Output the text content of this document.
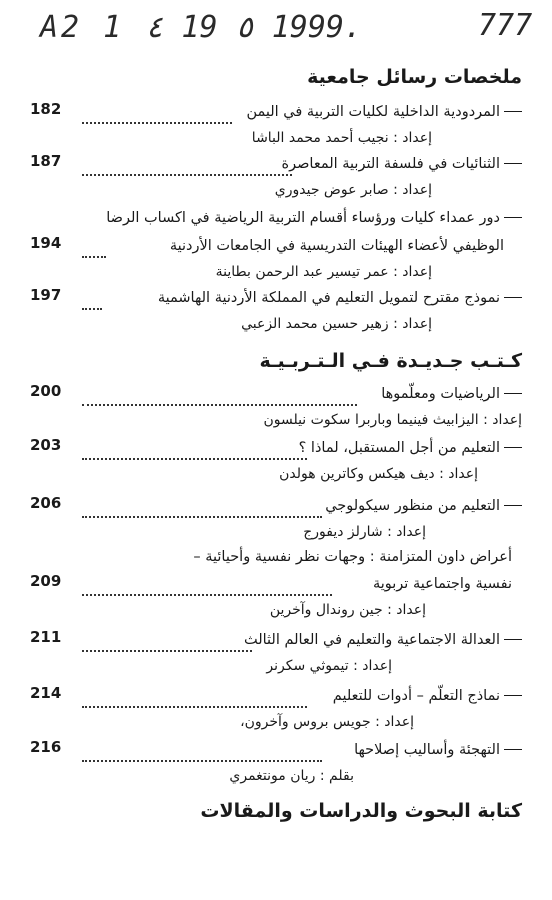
A2 1 ٤ 19 ٥ 1999.	777
ملخصات رسائل جامعية
المردودية الداخلية لكليات التربية في اليمن
182
إعداد : نجيب أحمد محمد الباشا
الثنائيات في فلسفة التربية المعاصرة
187
إعداد : صابر عوض جيدوري
دور عمداء كليات ورؤساء أقسام التربية الرياضية في اكساب الرضا
الوظيفي لأعضاء الهيئات التدريسية في الجامعات الأردنية
194
إعداد : عمر تيسير عبد الرحمن بطاينة
نموذج مقترح لتمويل التعليم في المملكة الأردنية الهاشمية
197
إعداد : زهير حسين محمد الزعبي
كـتـب جـديـدة فـي الـتـربـيـة
الرياضيات ومعلّموها
200
إعداد : اليزابيث فينيما وباربرا سكوت نيلسون
التعليم من أجل المستقبل، لماذا ؟
203
إعداد : ديف هيكس وكاترين هولدن
التعليم من منظور سيكولوجي
206
إعداد : شارلز ديفورج
أعراض داون المتزامنة : وجهات نظر نفسية وأحيائية –
نفسية واجتماعية تربوية
209
إعداد : جين روندال وآخرين
العدالة الاجتماعية والتعليم في العالم الثالث
211
إعداد : تيموثي سكرنر
نماذج التعلّم – أدوات للتعليم
214
إعداد : جويس بروس وآخرون،
التهجئة وأساليب إصلاحها
216
بقلم : ريان مونتغمري
كتابة البحوث والدراسات والمقالات
